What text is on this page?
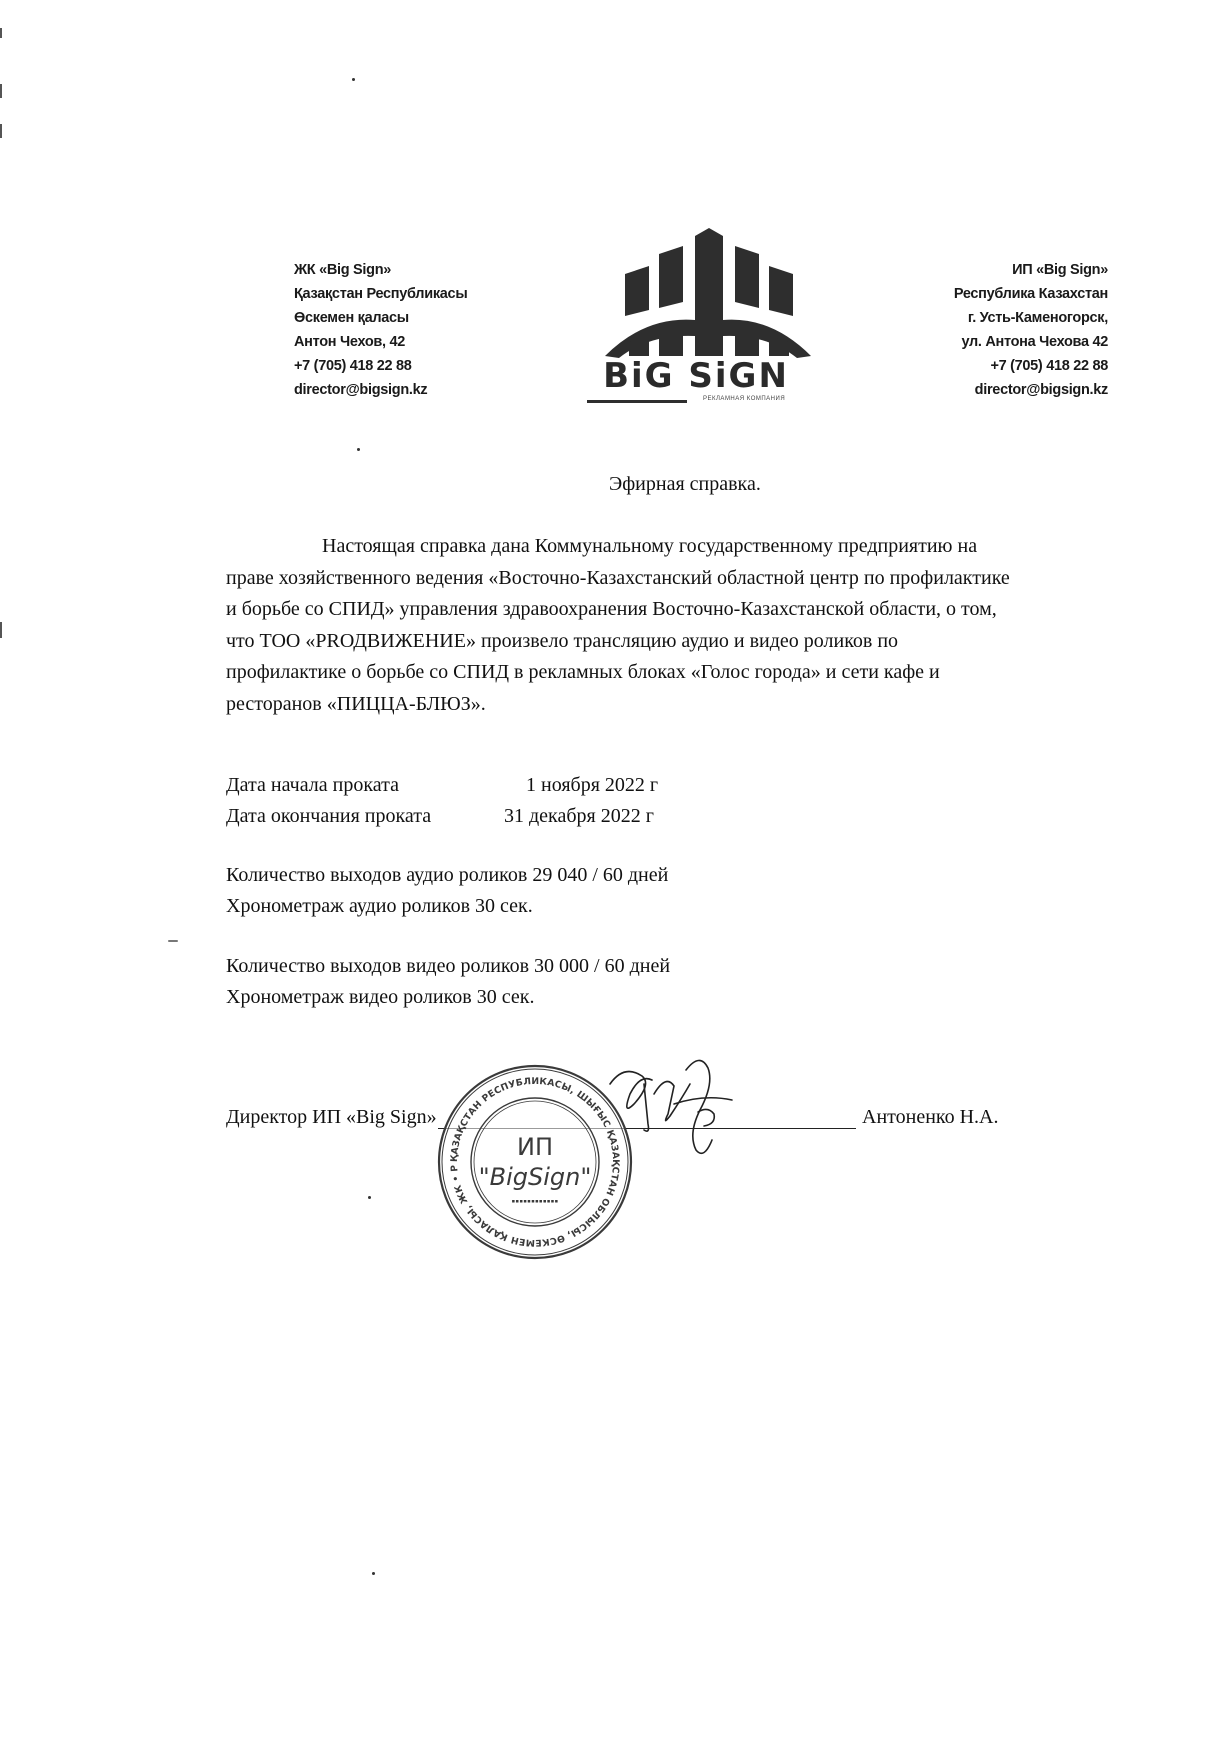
ЖК «Big Sign»
Қазақстан Республикасы
Өскемен қаласы
Антон Чехов, 42
+7 (705) 418 22 88
director@bigsign.kz	BiG SiGN
РЕКЛАМНАЯ КОМПАНИЯ
ИП «Big Sign»
Республика Казахстан
г. Усть-Каменогорск,
ул. Антона Чехова 42
+7 (705) 418 22 88
director@bigsign.kz
Эфирная справка.
Настоящая справка дана Коммунальному государственному предприятию на
праве хозяйственного ведения «Восточно-Казахстанский областной центр по профилактике
и борьбе со СПИД» управления здравоохранения Восточно-Казахстанской области, о том,
что ТОО «PRОДВИЖЕНИЕ» произвело трансляцию аудио и видео роликов по
профилактике о борьбе со СПИД в рекламных блоках «Голос города» и сети кафе и
ресторанов «ПИЦЦА-БЛЮЗ».
Дата начала проката	1 ноября 2022 г
Дата окончания проката	31 декабря 2022 г
Количество выходов аудио роликов 29 040 / 60 дней
Хронометраж аудио роликов 30 сек.
Количество выходов видео роликов 30 000 / 60 дней
Хронометраж видео роликов 30 сек.
Директор ИП «Big Sign»	Антоненко Н.А.
ҚАЗАҚСТАН РЕСПУБЛИКАСЫ, ШЫҒЫС ҚАЗАҚСТАН ОБЛЫСЫ, ӨСКЕМЕН ҚАЛАСЫ, ЖК • Р
ИП
"BigSign"
▪▪▪▪▪▪▪▪▪▪▪▪
